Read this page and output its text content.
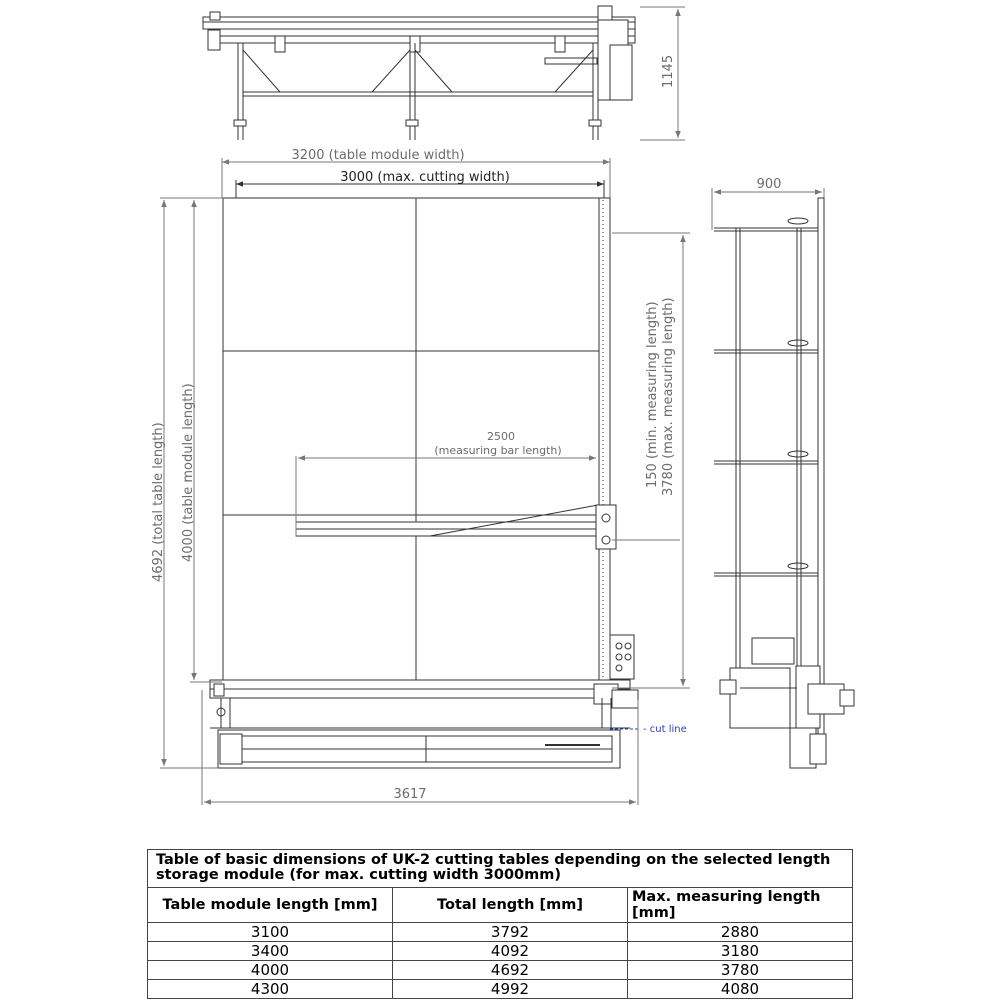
1145
3200 (table module width)
3000 (max. cutting width)
- cut line
2500
(measuring bar length)
4692 (total table length) 4000 (table module length)	150 (min. measuring length) 3780 (max. measuring length)
3617
900
Table of basic dimensions of UK-2 cutting tables depending on the selected length storage module (for max. cutting width 3000mm)		
Table module length [mm]	Total length [mm]	Max. measuring length [mm]
3100	3792	2880
3400	4092	3180
4000	4692	3780
4300	4992	4080
